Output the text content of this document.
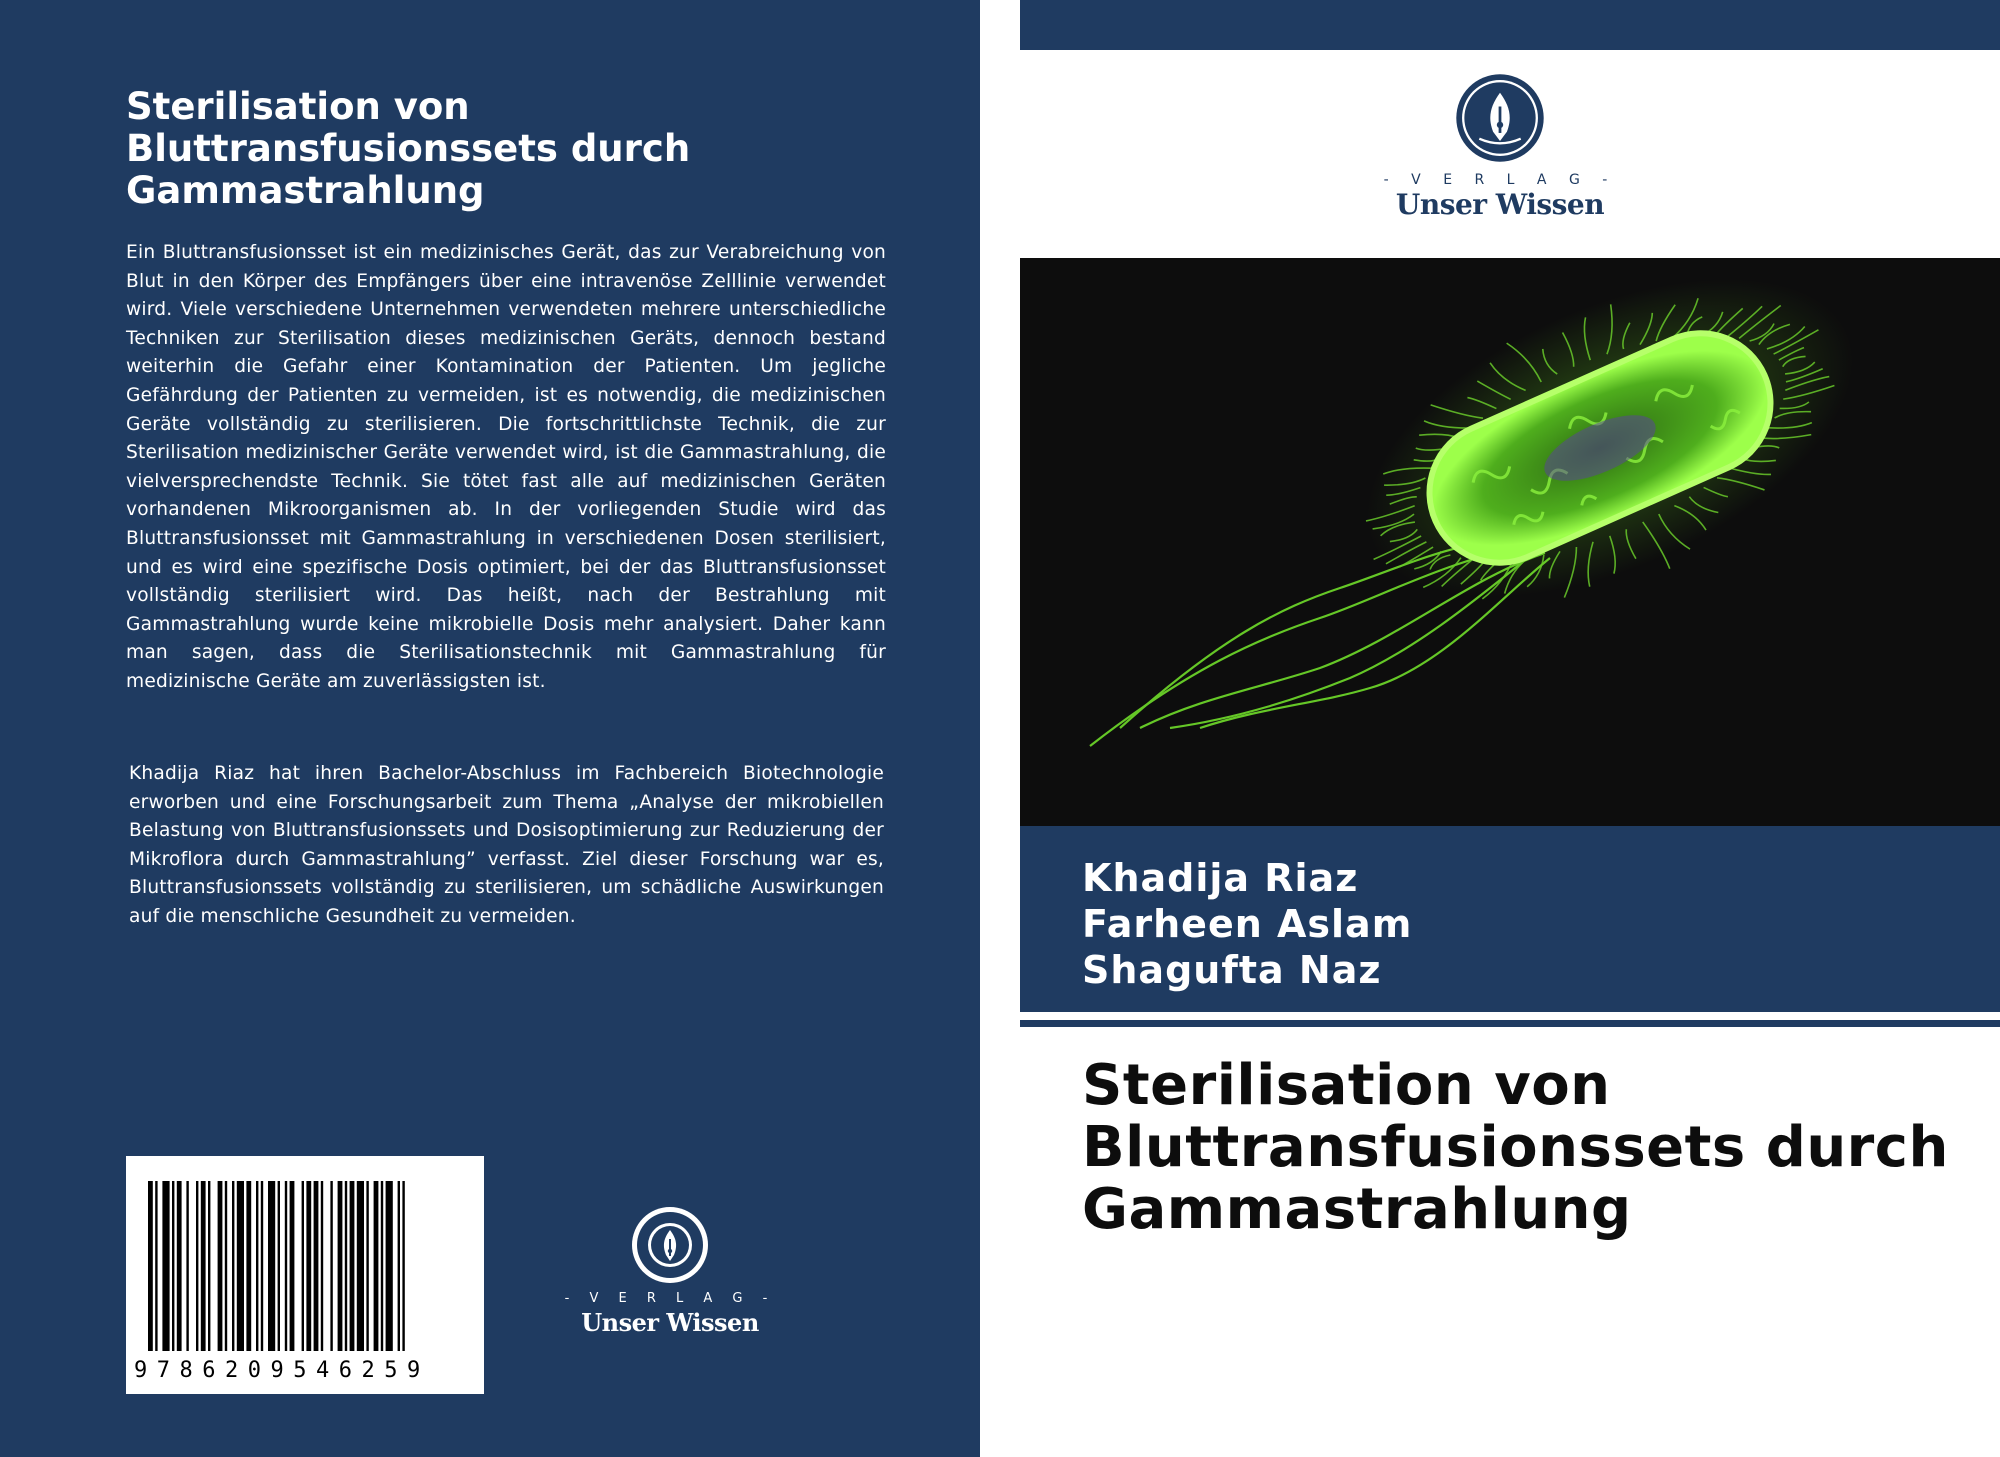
Sterilisation von Bluttransfusionssets durch Gammastrahlung

Ein Bluttransfusionsset ist ein medizinisches Gerät, das zur Verabreichung von Blut in den Körper des Empfängers über eine intravenöse Zelllinie verwendet wird. Viele verschiedene Unternehmen verwendeten mehrere unterschiedliche Techniken zur Sterilisation dieses medizinischen Geräts, dennoch bestand weiterhin die Gefahr einer Kontamination der Patienten. Um jegliche Gefährdung der Patienten zu vermeiden, ist es notwendig, die medizinischen Geräte vollständig zu sterilisieren. Die fortschrittlichste Technik, die zur Sterilisation medizinischer Geräte verwendet wird, ist die Gammastrahlung, die vielversprechendste Technik. Sie tötet fast alle auf medizinischen Geräten vorhandenen Mikroorganismen ab. In der vorliegenden Studie wird das Bluttransfusionsset mit Gammastrahlung in verschiedenen Dosen sterilisiert, und es wird eine spezifische Dosis optimiert, bei der das Bluttransfusionsset vollständig sterilisiert wird. Das heißt, nach der Bestrahlung mit Gammastrahlung wurde keine mikrobielle Dosis mehr analysiert. Daher kann man sagen, dass die Sterilisationstechnik mit Gammastrahlung für medizinische Geräte am zuverlässigsten ist.

Khadija Riaz hat ihren Bachelor-Abschluss im Fachbereich Biotechnologie erworben und eine Forschungsarbeit zum Thema „Analyse der mikrobiellen Belastung von Bluttransfusionssets und Dosisoptimierung zur Reduzierung der Mikroflora durch Gammastrahlung” verfasst. Ziel dieser Forschung war es, Bluttransfusionssets vollständig zu sterilisieren, um schädliche Auswirkungen auf die menschliche Gesundheit zu vermeiden.

9786209546259
- V E R L A G -
Unser Wissen
- V E R L A G -
Unser Wissen

Khadija Riaz

Farheen Aslam

Shagufta Naz

Sterilisation von Bluttransfusionssets durch Gammastrahlung
